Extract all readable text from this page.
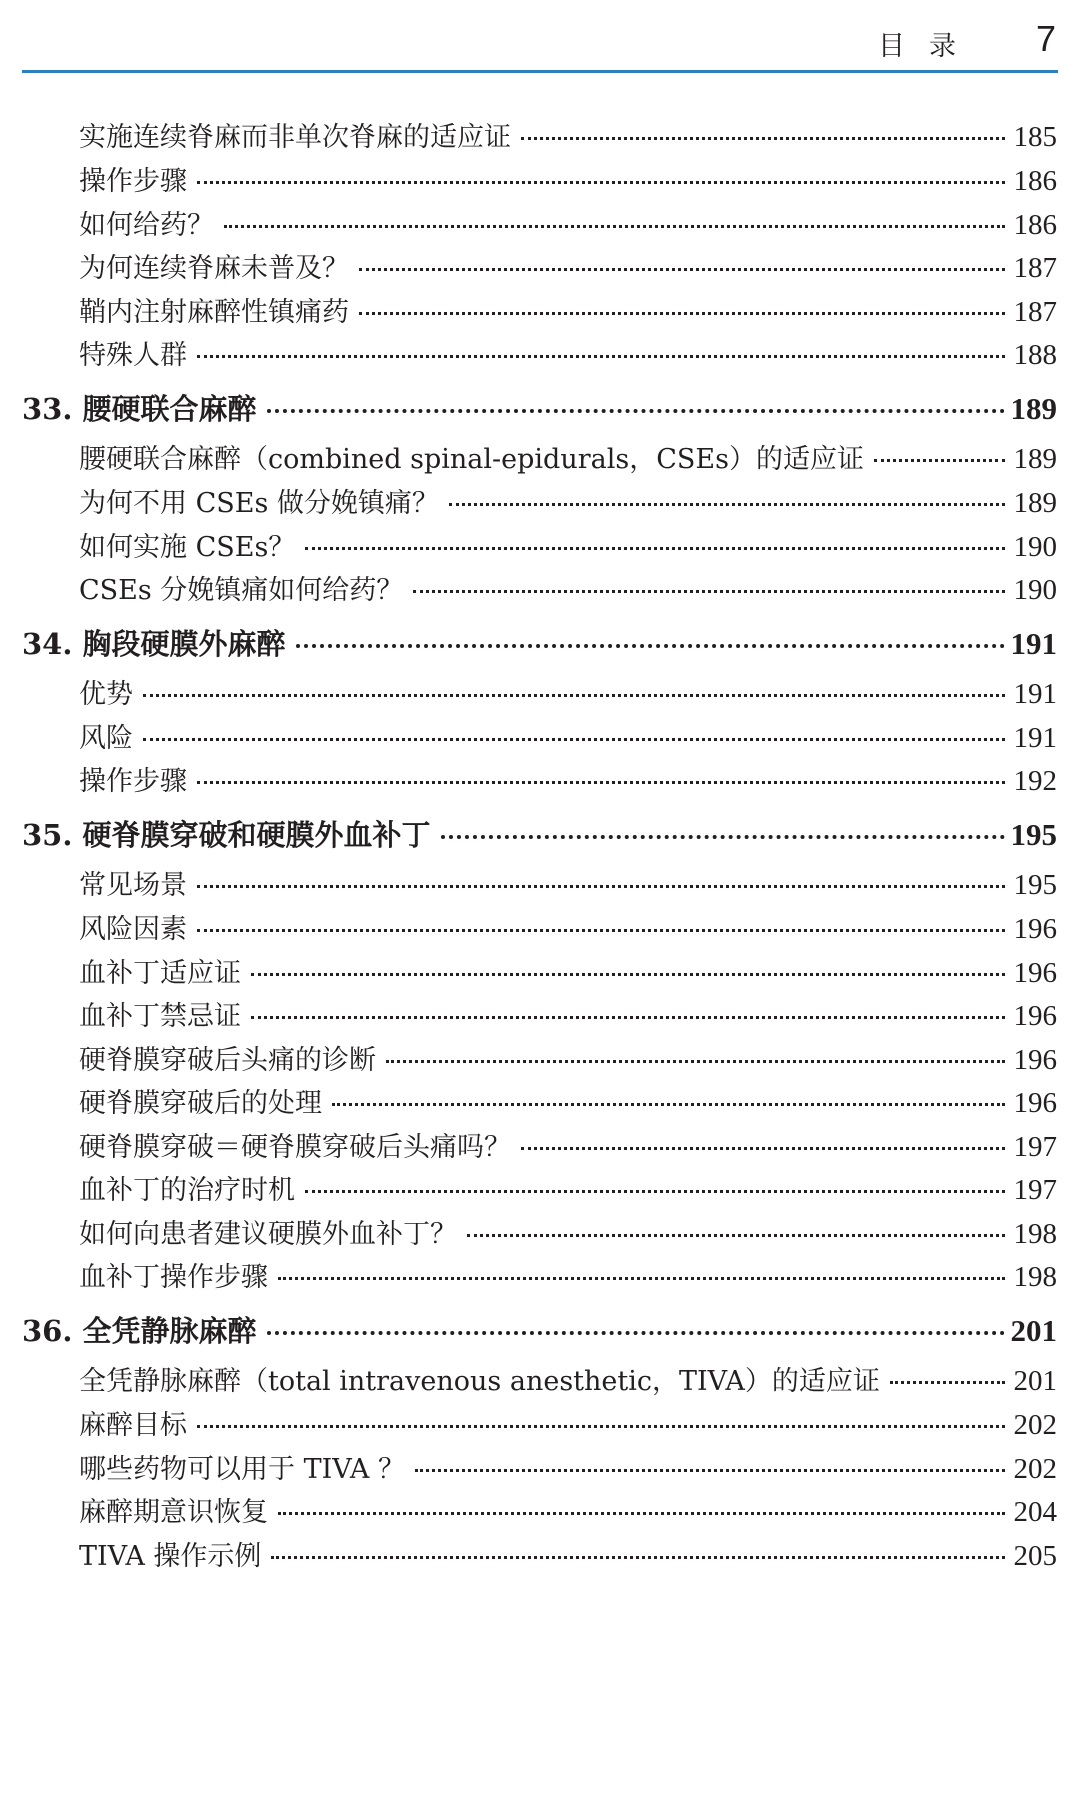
目录 7
实施连续脊麻而非单次脊麻的适应证	185
操作步骤	186
如何给药？	186
为何连续脊麻未普及？	187
鞘内注射麻醉性镇痛药	187
特殊人群	188
33. 腰硬联合麻醉	189
腰硬联合麻醉（combined spinal-epidurals，CSEs）的适应证	189
为何不用 CSEs 做分娩镇痛？	189
如何实施 CSEs？	190
CSEs 分娩镇痛如何给药？	190
34. 胸段硬膜外麻醉	191
优势	191
风险	191
操作步骤	192
35. 硬脊膜穿破和硬膜外血补丁	195
常见场景	195
风险因素	196
血补丁适应证	196
血补丁禁忌证	196
硬脊膜穿破后头痛的诊断	196
硬脊膜穿破后的处理	196
硬脊膜穿破＝硬脊膜穿破后头痛吗？	197
血补丁的治疗时机	197
如何向患者建议硬膜外血补丁？	198
血补丁操作步骤	198
36. 全凭静脉麻醉	201
全凭静脉麻醉（total intravenous anesthetic，TIVA）的适应证	201
麻醉目标	202
哪些药物可以用于 TIVA ？	202
麻醉期意识恢复	204
TIVA 操作示例	205
